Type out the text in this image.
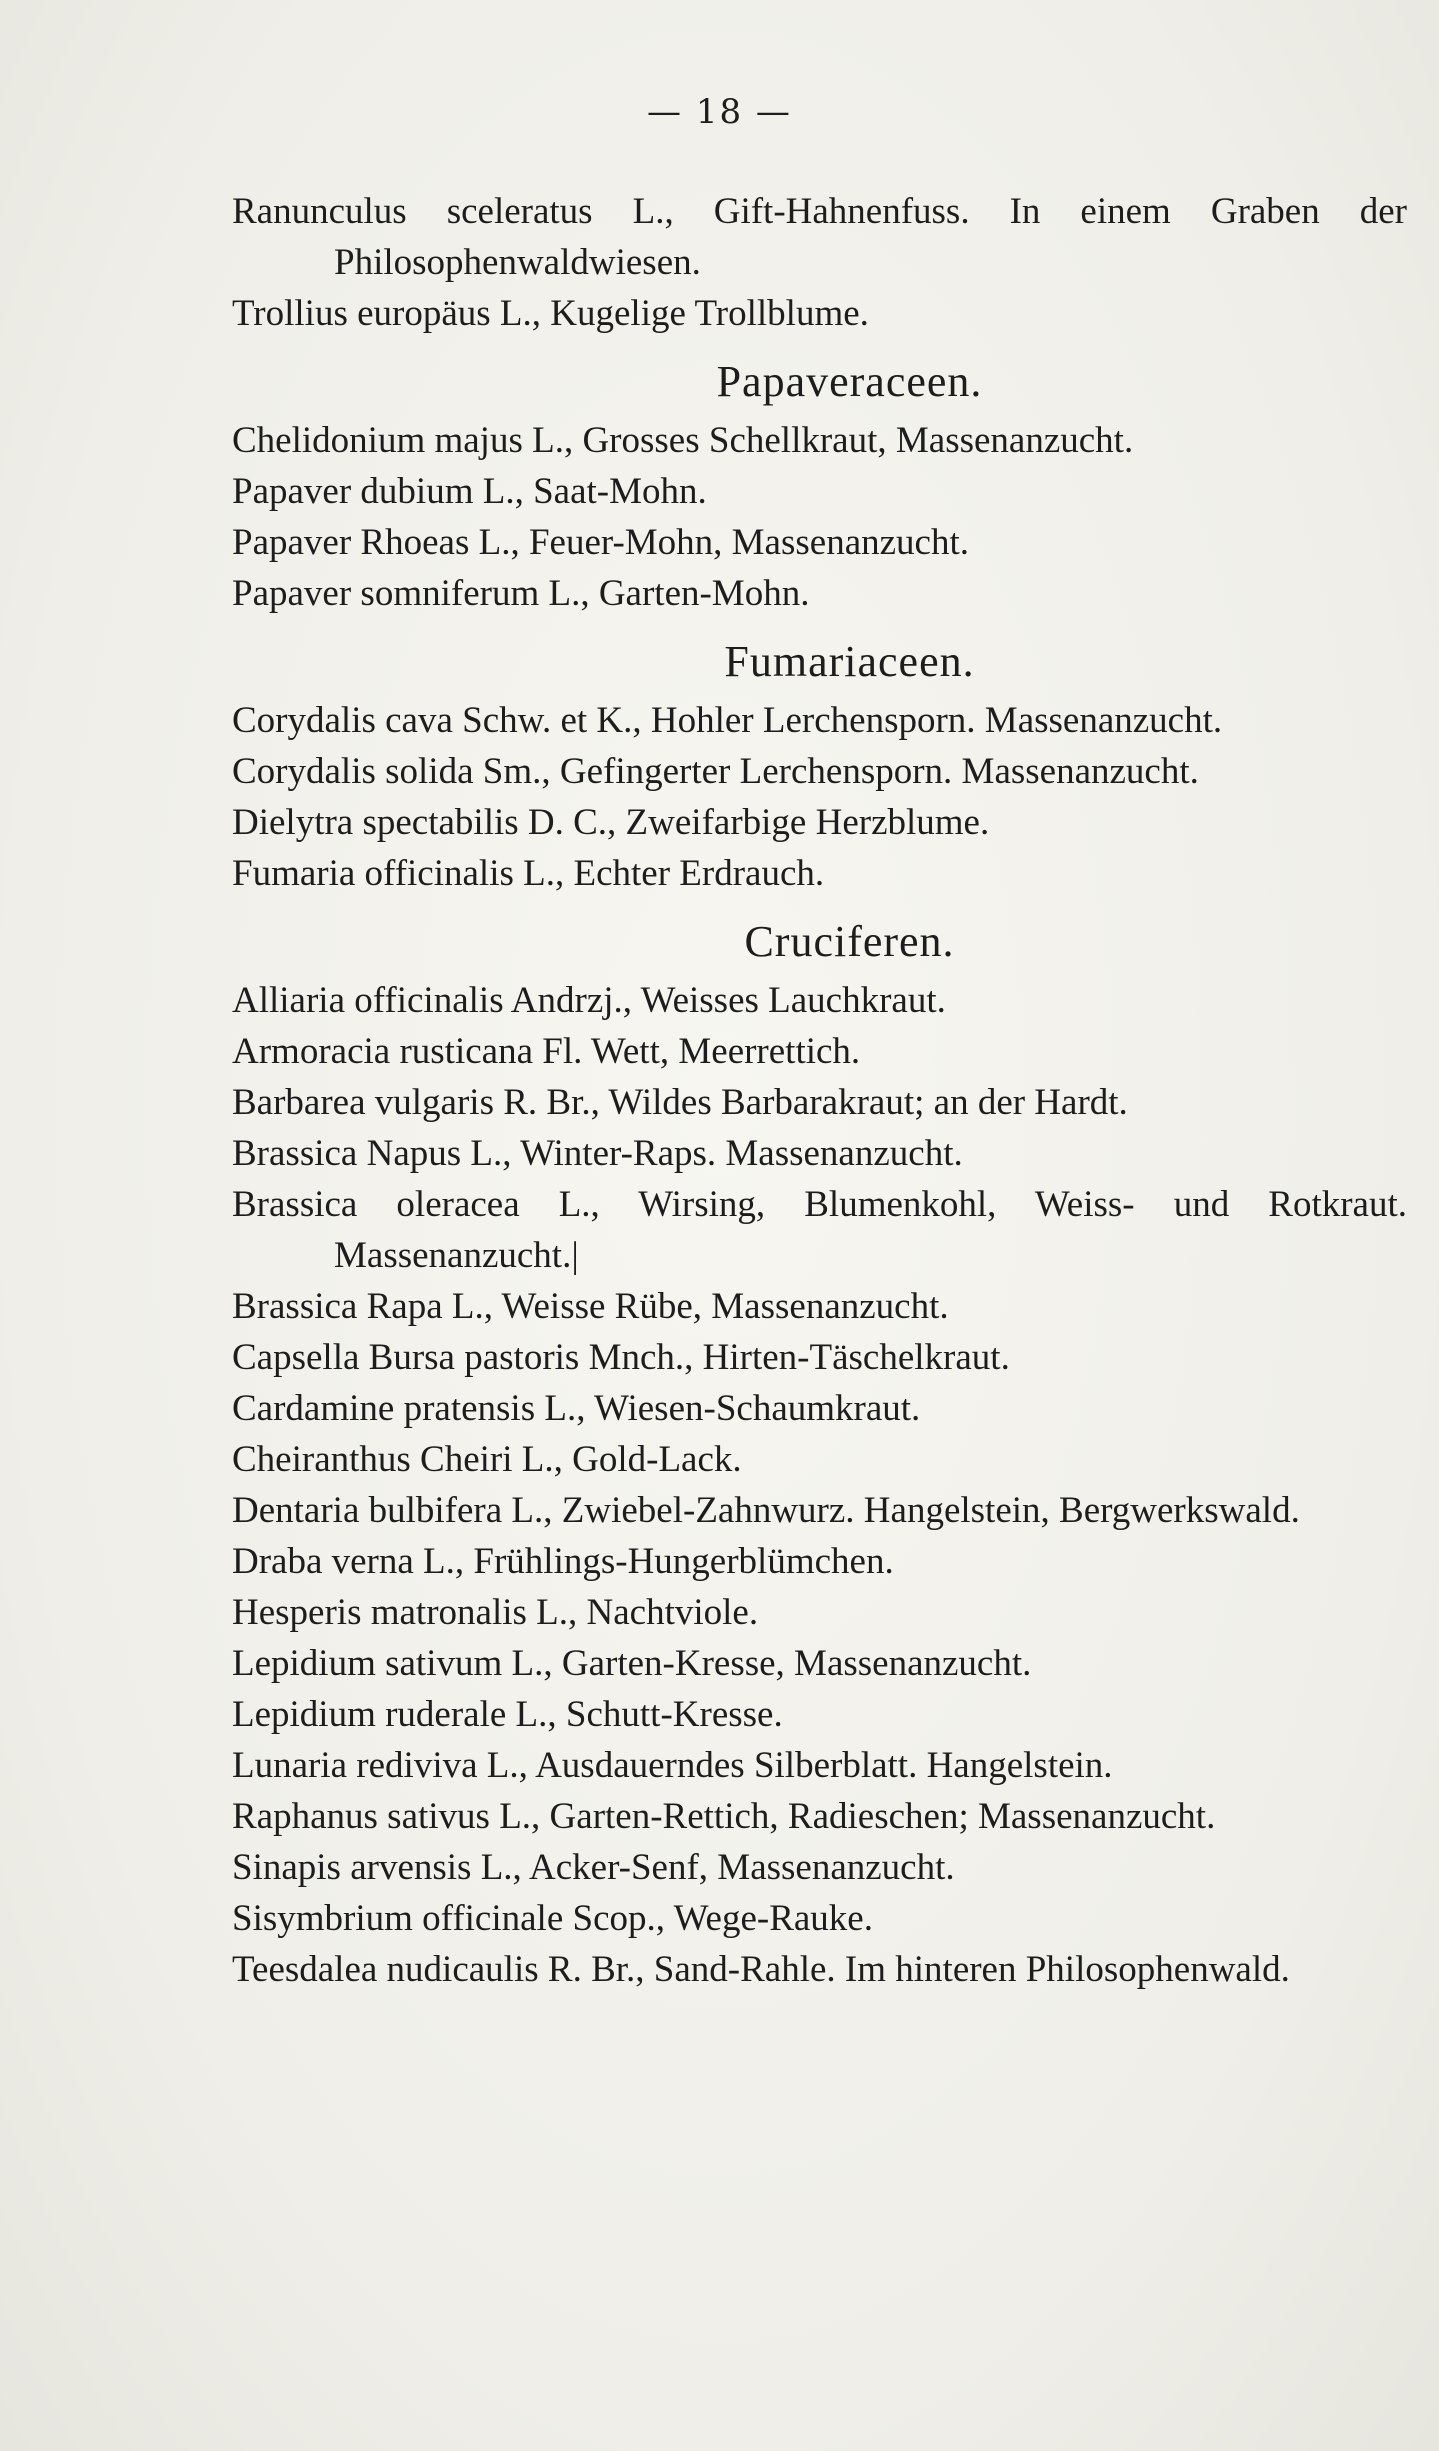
— 18 —

Ranunculus sceleratus L., Gift-Hahnenfuss. In einem Graben der Philosophenwaldwiesen.

Trollius europäus L., Kugelige Trollblume.

Papaveraceen.

Chelidonium majus L., Grosses Schellkraut, Massenanzucht.

Papaver dubium L., Saat-Mohn.

Papaver Rhoeas L., Feuer-Mohn, Massenanzucht.

Papaver somniferum L., Garten-Mohn.

Fumariaceen.

Corydalis cava Schw. et K., Hohler Lerchensporn. Massenanzucht.

Corydalis solida Sm., Gefingerter Lerchensporn. Massenanzucht.

Dielytra spectabilis D. C., Zweifarbige Herzblume.

Fumaria officinalis L., Echter Erdrauch.

Cruciferen.

Alliaria officinalis Andrzj., Weisses Lauchkraut.

Armoracia rusticana Fl. Wett, Meerrettich.

Barbarea vulgaris R. Br., Wildes Barbarakraut; an der Hardt.

Brassica Napus L., Winter-Raps. Massenanzucht.

Brassica oleracea L., Wirsing, Blumenkohl, Weiss- und Rotkraut. Massenanzucht.|

Brassica Rapa L., Weisse Rübe, Massenanzucht.

Capsella Bursa pastoris Mnch., Hirten-Täschelkraut.

Cardamine pratensis L., Wiesen-Schaumkraut.

Cheiranthus Cheiri L., Gold-Lack.

Dentaria bulbifera L., Zwiebel-Zahnwurz. Hangelstein, Bergwerkswald.

Draba verna L., Frühlings-Hungerblümchen.

Hesperis matronalis L., Nachtviole.

Lepidium sativum L., Garten-Kresse, Massenanzucht.

Lepidium ruderale L., Schutt-Kresse.

Lunaria rediviva L., Ausdauerndes Silberblatt. Hangelstein.

Raphanus sativus L., Garten-Rettich, Radieschen; Massenanzucht.

Sinapis arvensis L., Acker-Senf, Massenanzucht.

Sisymbrium officinale Scop., Wege-Rauke.

Teesdalea nudicaulis R. Br., Sand-Rahle. Im hinteren Philosophenwald.
